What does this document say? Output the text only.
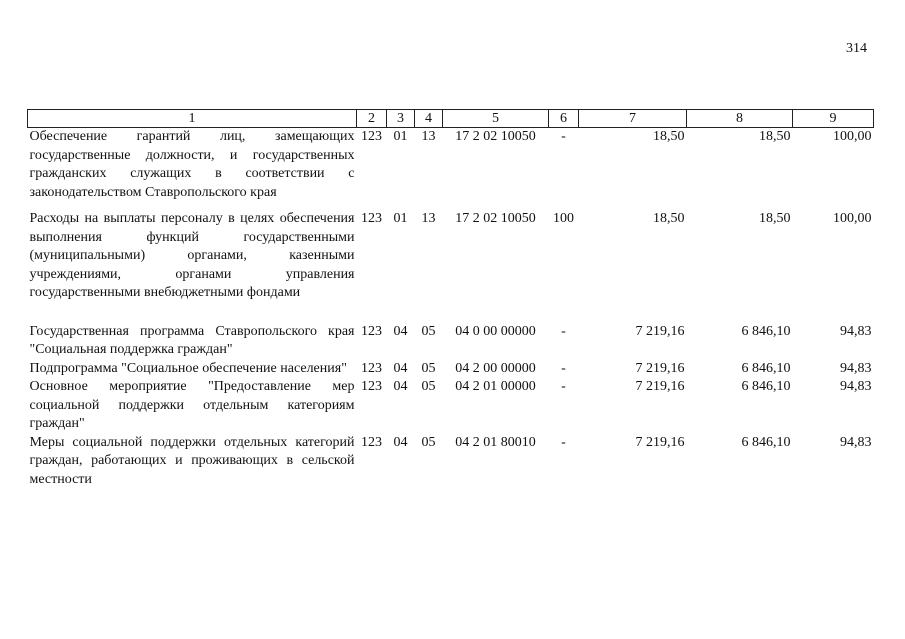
314
1	2	3	4	5	6	7	8	9
Обеспечение гарантий лиц, замещающих государственные должности, и государственных гражданских служащих в соответствии с законодательством Ставропольского края	123	01	13	17 2 02 10050	-	18,50	18,50	100,00
Расходы на выплаты персоналу в целях обеспечения выполнения функций государственными (муниципальными) органами, казенными учреждениями, органами управления государственными внебюджетными фондами	123	01	13	17 2 02 10050	100	18,50	18,50	100,00

Государственная программа Ставропольского края "Социальная поддержка граждан"	123	04	05	04 0 00 00000	-	7 219,16	6 846,10	94,83
Подпрограмма "Социальное обеспечение населения"	123	04	05	04 2 00 00000	-	7 219,16	6 846,10	94,83
Основное мероприятие "Предоставление мер социальной поддержки отдельным категориям граждан"	123	04	05	04 2 01 00000	-	7 219,16	6 846,10	94,83
Меры социальной поддержки отдельных категорий граждан, работающих и проживающих в сельской местности	123	04	05	04 2 01 80010	-	7 219,16	6 846,10	94,83
